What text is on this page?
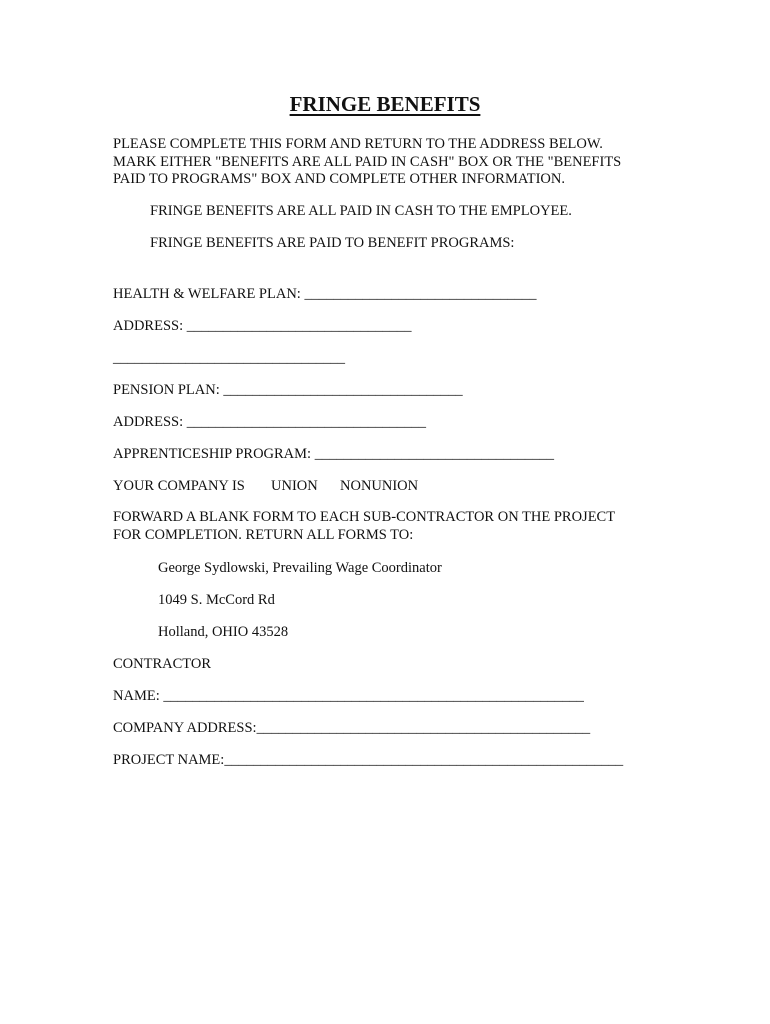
FRINGE BENEFITS
PLEASE COMPLETE THIS FORM AND RETURN TO THE ADDRESS BELOW.
MARK EITHER "BENEFITS ARE ALL PAID IN CASH" BOX OR THE "BENEFITS
PAID TO PROGRAMS" BOX AND COMPLETE OTHER INFORMATION.
FRINGE BENEFITS ARE ALL PAID IN CASH TO THE EMPLOYEE.
FRINGE BENEFITS ARE PAID TO BENEFIT PROGRAMS:
HEALTH & WELFARE PLAN: ________________________________
ADDRESS: _______________________________
________________________________
PENSION PLAN: _________________________________
ADDRESS: _________________________________
APPRENTICESHIP PROGRAM: _________________________________
YOUR COMPANY IS UNION NONUNION
FORWARD A BLANK FORM TO EACH SUB-CONTRACTOR ON THE PROJECT
FOR COMPLETION. RETURN ALL FORMS TO:
George Sydlowski, Prevailing Wage Coordinator
1049 S. McCord Rd
Holland, OHIO 43528
CONTRACTOR
NAME: __________________________________________________________
COMPANY ADDRESS:______________________________________________
PROJECT NAME:_______________________________________________________
